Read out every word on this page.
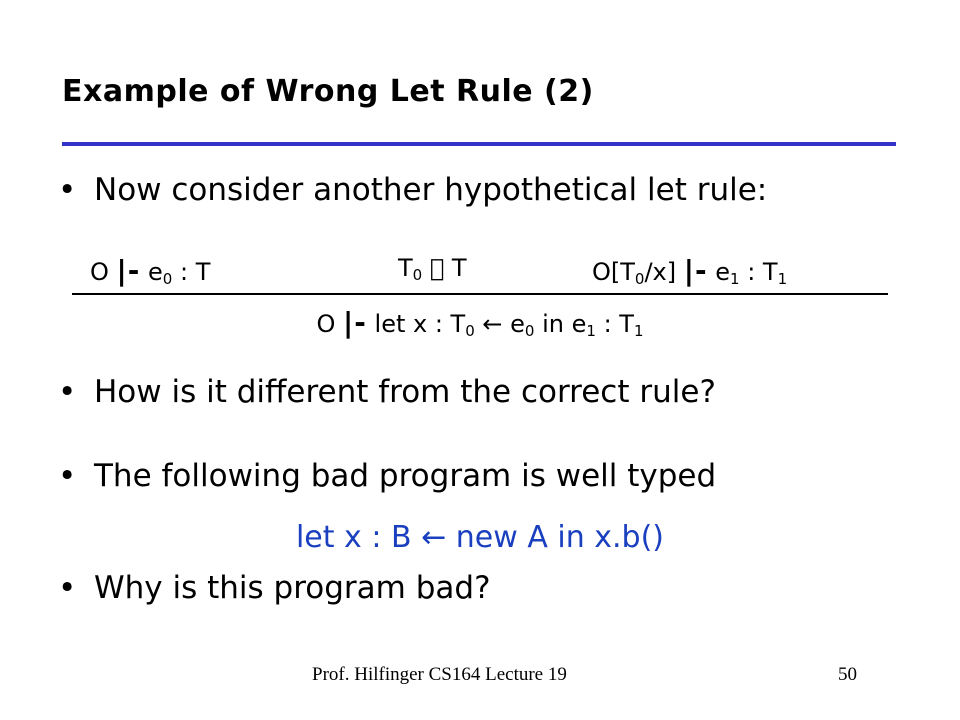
Example of Wrong Let Rule (2)
• Now consider another hypothetical let rule:
O |- $e_0$ : T	$T_0$ T	$O[T_0/x]$ |- $e_1$ : $T_1$
O |- let x : $T_0$ ← $e_0$ in $e_1$ : $T_1$
• How is it different from the correct rule?
• The following bad program is well typed
let x : B ← new A in x.b()
• Why is this program bad?
Prof. Hilfinger CS164 Lecture 19	50
